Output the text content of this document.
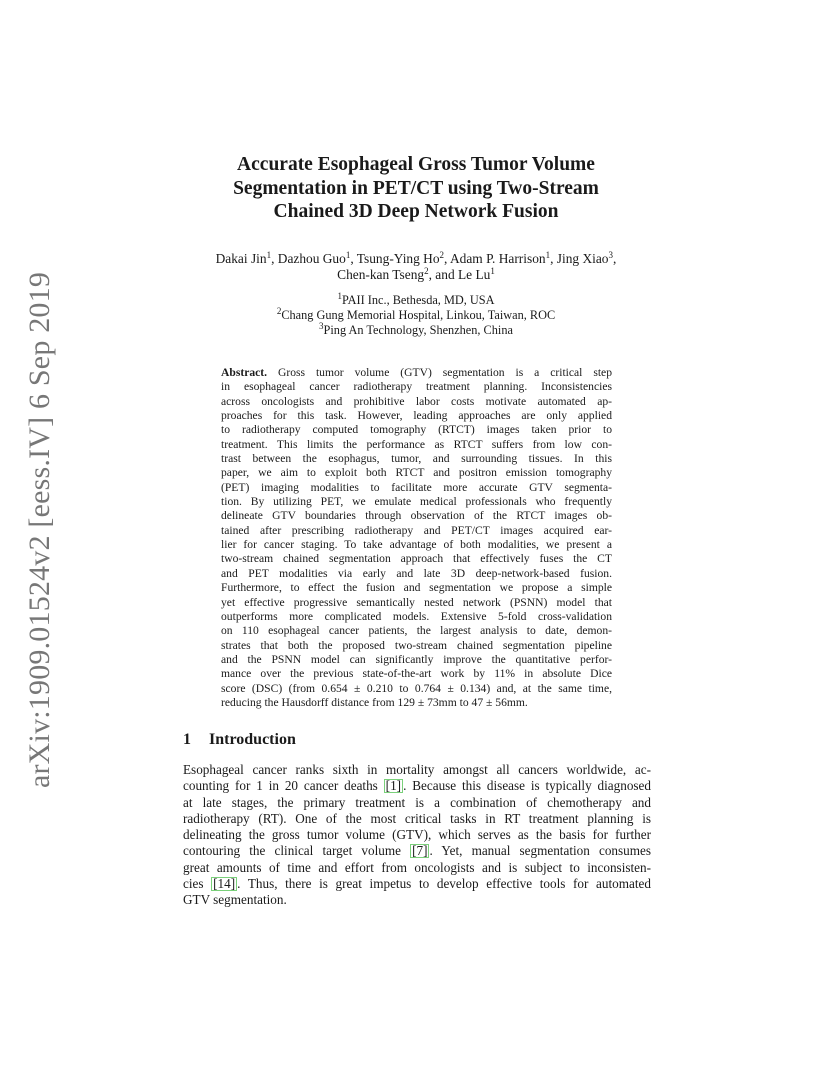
arXiv:1909.01524v2 [eess.IV] 6 Sep 2019
Accurate Esophageal Gross Tumor Volume
Segmentation in PET/CT using Two-Stream
Chained 3D Deep Network Fusion
Dakai Jin$^1$, Dazhou Guo$^1$, Tsung-Ying Ho$^2$, Adam P. Harrison$^1$, Jing Xiao$^3$,
Chen-kan Tseng$^2$, and Le Lu$^1$
$^1$PAII Inc., Bethesda, MD, USA
$^2$Chang Gung Memorial Hospital, Linkou, Taiwan, ROC
$^3$Ping An Technology, Shenzhen, China
Abstract. Gross tumor volume (GTV) segmentation is a critical step
in esophageal cancer radiotherapy treatment planning. Inconsistencies
across oncologists and prohibitive labor costs motivate automated ap-
proaches for this task. However, leading approaches are only applied
to radiotherapy computed tomography (RTCT) images taken prior to
treatment. This limits the performance as RTCT suffers from low con-
trast between the esophagus, tumor, and surrounding tissues. In this
paper, we aim to exploit both RTCT and positron emission tomography
(PET) imaging modalities to facilitate more accurate GTV segmenta-
tion. By utilizing PET, we emulate medical professionals who frequently
delineate GTV boundaries through observation of the RTCT images ob-
tained after prescribing radiotherapy and PET/CT images acquired ear-
lier for cancer staging. To take advantage of both modalities, we present a
two-stream chained segmentation approach that effectively fuses the CT
and PET modalities via early and late 3D deep-network-based fusion.
Furthermore, to effect the fusion and segmentation we propose a simple
yet effective progressive semantically nested network (PSNN) model that
outperforms more complicated models. Extensive 5-fold cross-validation
on 110 esophageal cancer patients, the largest analysis to date, demon-
strates that both the proposed two-stream chained segmentation pipeline
and the PSNN model can significantly improve the quantitative perfor-
mance over the previous state-of-the-art work by 11% in absolute Dice
score (DSC) (from 0.654 ± 0.210 to 0.764 ± 0.134) and, at the same time,
reducing the Hausdorff distance from 129 ± 73mm to 47 ± 56mm.
1 Introduction
Esophageal cancer ranks sixth in mortality amongst all cancers worldwide, ac-
counting for 1 in 20 cancer deaths [1] . Because this disease is typically diagnosed
at late stages, the primary treatment is a combination of chemotherapy and
radiotherapy (RT). One of the most critical tasks in RT treatment planning is
delineating the gross tumor volume (GTV), which serves as the basis for further
contouring the clinical target volume [7] . Yet, manual segmentation consumes
great amounts of time and effort from oncologists and is subject to inconsisten-
cies [14] . Thus, there is great impetus to develop effective tools for automated
GTV segmentation.
